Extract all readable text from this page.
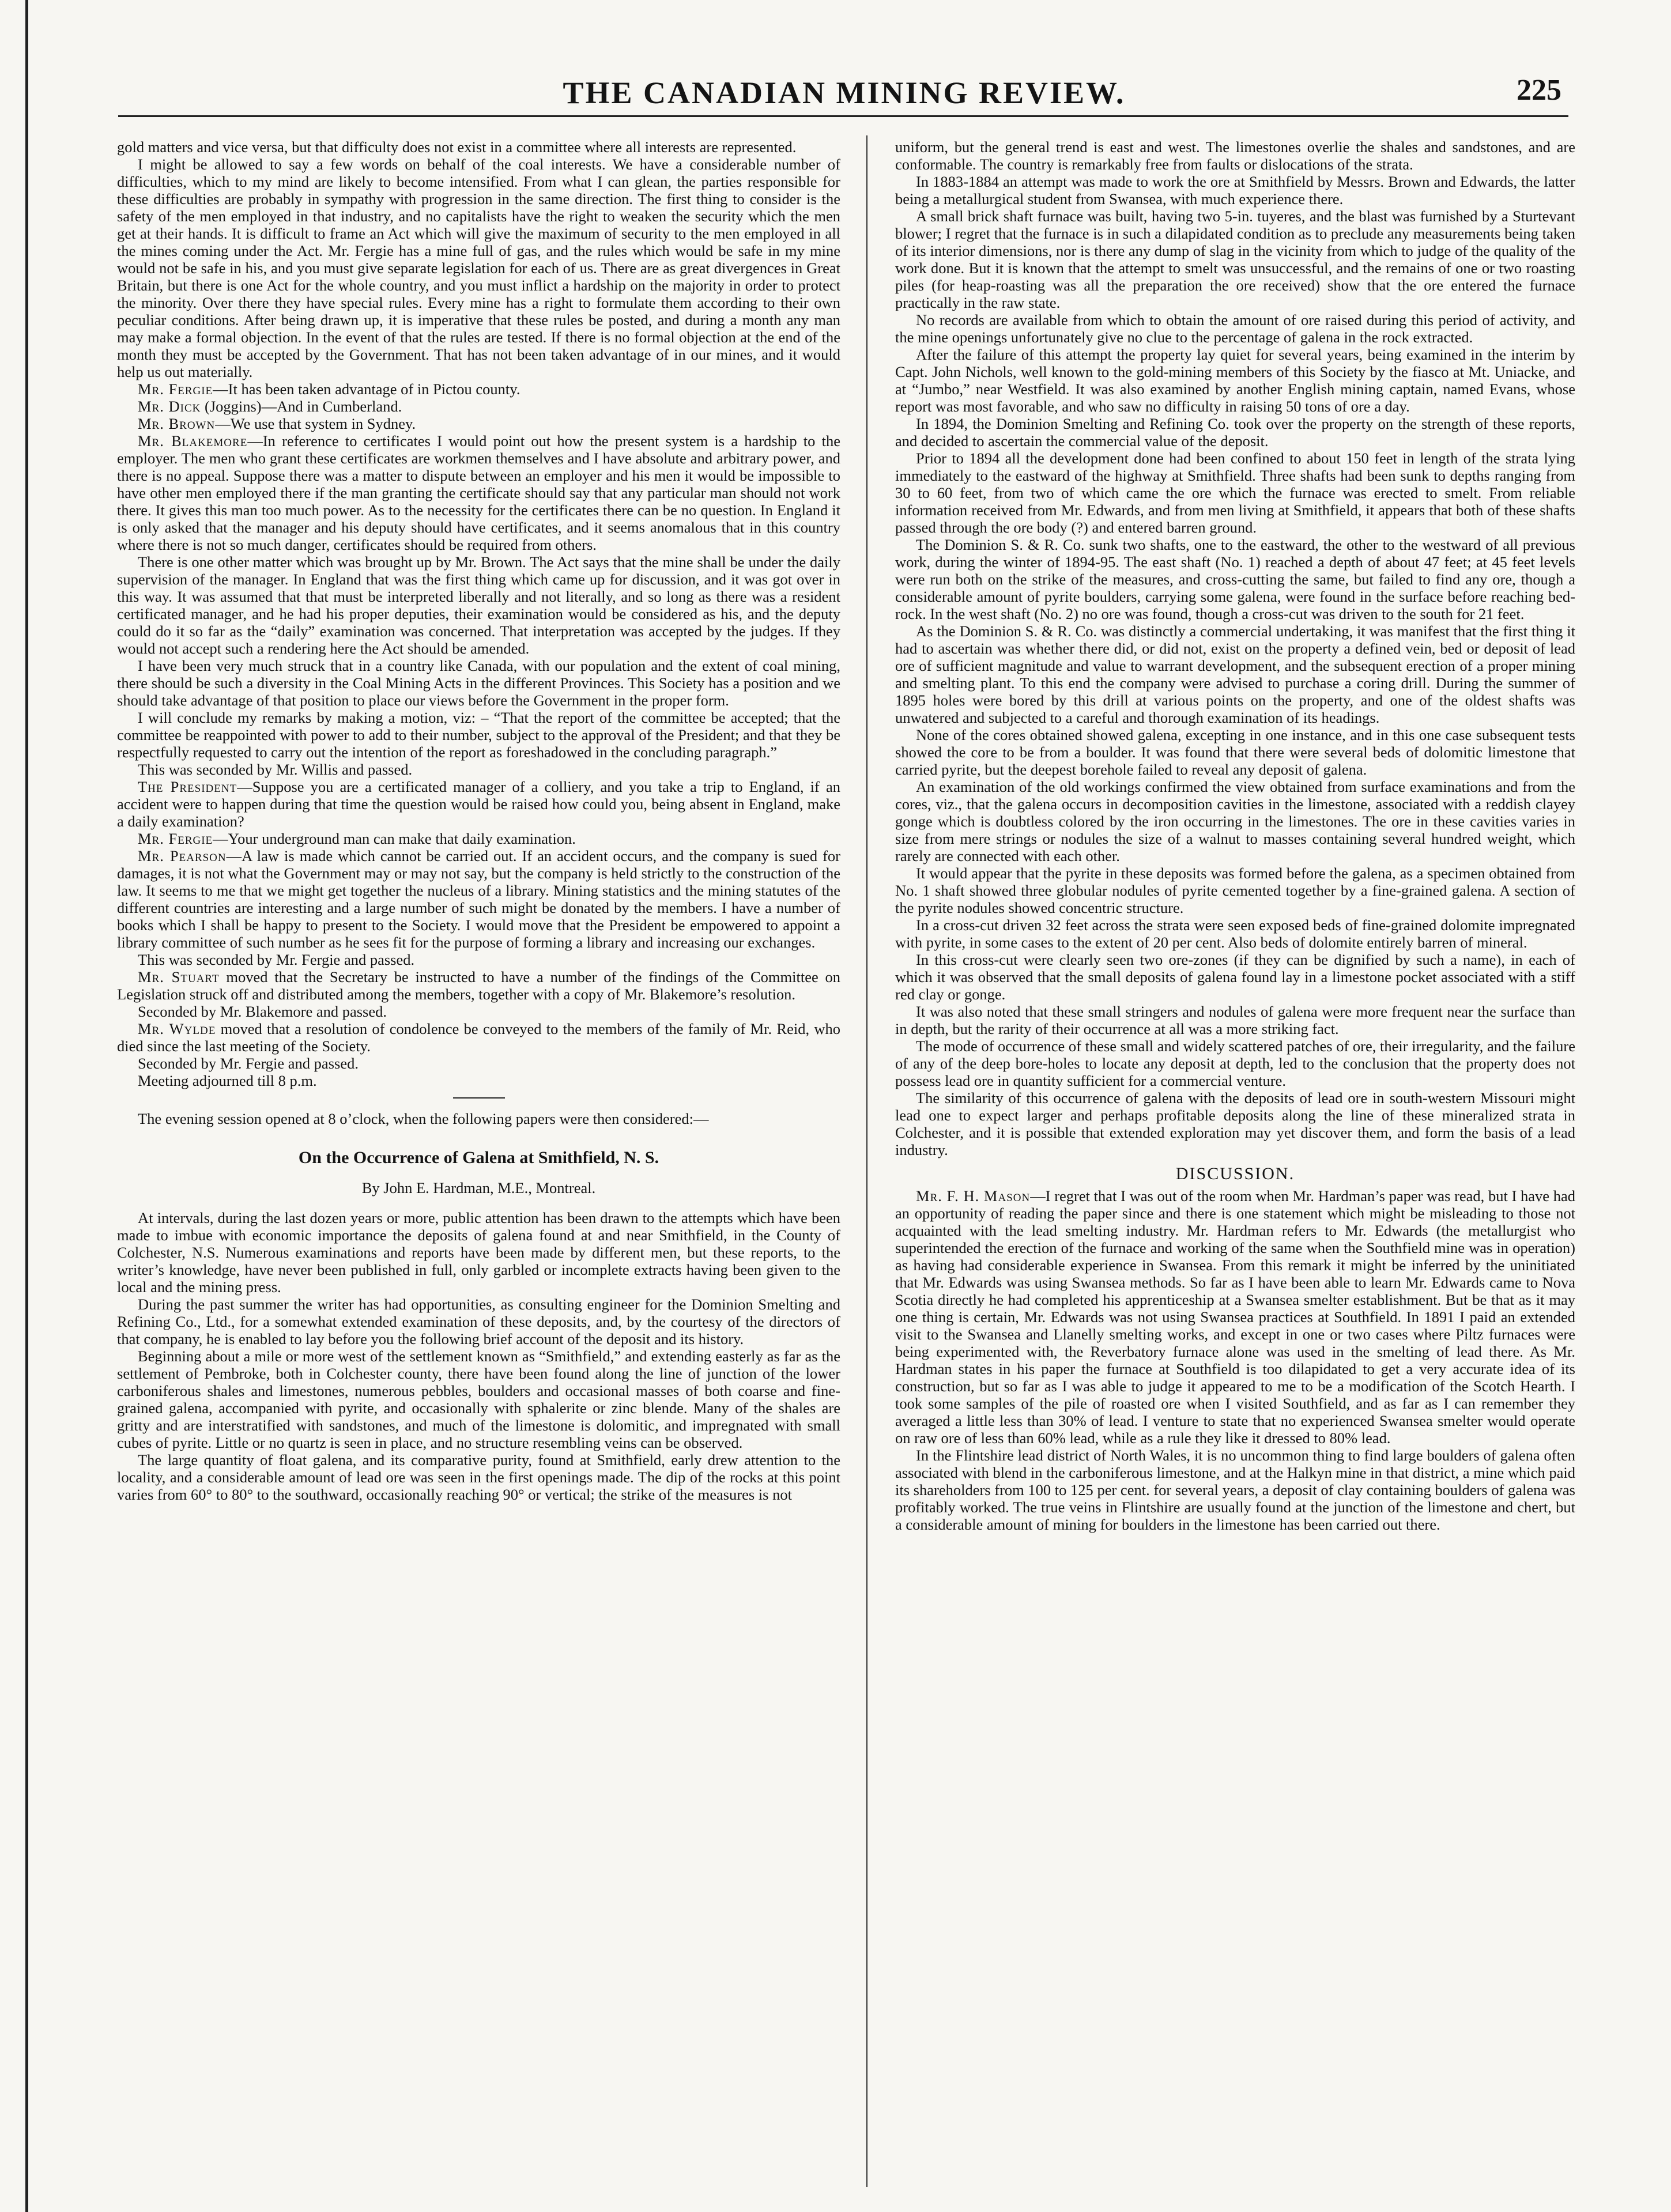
THE CANADIAN MINING REVIEW.	225

gold matters and vice versa, but that difficulty does not exist in a committee where all interests are represented.

I might be allowed to say a few words on behalf of the coal interests. We have a considerable number of difficulties, which to my mind are likely to become intensified. From what I can glean, the parties responsible for these difficulties are probably in sympathy with progression in the same direction. The first thing to consider is the safety of the men employed in that industry, and no capitalists have the right to weaken the security which the men get at their hands. It is difficult to frame an Act which will give the maximum of security to the men employed in all the mines coming under the Act. Mr. Fergie has a mine full of gas, and the rules which would be safe in my mine would not be safe in his, and you must give separate legislation for each of us. There are as great divergences in Great Britain, but there is one Act for the whole country, and you must inflict a hardship on the majority in order to protect the minority. Over there they have special rules. Every mine has a right to formulate them according to their own peculiar conditions. After being drawn up, it is imperative that these rules be posted, and during a month any man may make a formal objection. In the event of that the rules are tested. If there is no formal objection at the end of the month they must be accepted by the Government. That has not been taken advantage of in our mines, and it would help us out materially.

Mr. Fergie—It has been taken advantage of in Pictou county.

Mr. Dick (Joggins)—And in Cumberland.

Mr. Brown—We use that system in Sydney.

Mr. Blakemore—In reference to certificates I would point out how the present system is a hardship to the employer. The men who grant these certificates are workmen themselves and I have absolute and arbitrary power, and there is no appeal. Suppose there was a matter to dispute between an employer and his men it would be impossible to have other men employed there if the man granting the certificate should say that any particular man should not work there. It gives this man too much power. As to the necessity for the certificates there can be no question. In England it is only asked that the manager and his deputy should have certificates, and it seems anomalous that in this country where there is not so much danger, certificates should be required from others.

There is one other matter which was brought up by Mr. Brown. The Act says that the mine shall be under the daily supervision of the manager. In England that was the first thing which came up for discussion, and it was got over in this way. It was assumed that that must be interpreted liberally and not literally, and so long as there was a resident certificated manager, and he had his proper deputies, their examination would be considered as his, and the deputy could do it so far as the “daily” examination was concerned. That interpretation was accepted by the judges. If they would not accept such a rendering here the Act should be amended.

I have been very much struck that in a country like Canada, with our population and the extent of coal mining, there should be such a diversity in the Coal Mining Acts in the different Provinces. This Society has a position and we should take advantage of that position to place our views before the Government in the proper form.

I will conclude my remarks by making a motion, viz: – “That the report of the committee be accepted; that the committee be reappointed with power to add to their number, subject to the approval of the President; and that they be respectfully requested to carry out the intention of the report as foreshadowed in the concluding paragraph.”

This was seconded by Mr. Willis and passed.

The President—Suppose you are a certificated manager of a colliery, and you take a trip to England, if an accident were to happen during that time the question would be raised how could you, being absent in England, make a daily examination?

Mr. Fergie—Your underground man can make that daily examination.

Mr. Pearson—A law is made which cannot be carried out. If an accident occurs, and the company is sued for damages, it is not what the Government may or may not say, but the company is held strictly to the construction of the law. It seems to me that we might get together the nucleus of a library. Mining statistics and the mining statutes of the different countries are interesting and a large number of such might be donated by the members. I have a number of books which I shall be happy to present to the Society. I would move that the President be empowered to appoint a library committee of such number as he sees fit for the purpose of forming a library and increasing our exchanges.

This was seconded by Mr. Fergie and passed.

Mr. Stuart moved that the Secretary be instructed to have a number of the findings of the Committee on Legislation struck off and distributed among the members, together with a copy of Mr. Blakemore’s resolution.

Seconded by Mr. Blakemore and passed.

Mr. Wylde moved that a resolution of condolence be conveyed to the members of the family of Mr. Reid, who died since the last meeting of the Society.

Seconded by Mr. Fergie and passed.

Meeting adjourned till 8 p.m.

The evening session opened at 8 o’clock, when the following papers were then considered:—

On the Occurrence of Galena at Smithfield, N. S.
By John E. Hardman, M.E., Montreal.

At intervals, during the last dozen years or more, public attention has been drawn to the attempts which have been made to imbue with economic importance the deposits of galena found at and near Smithfield, in the County of Colchester, N.S. Numerous examinations and reports have been made by different men, but these reports, to the writer’s knowledge, have never been published in full, only garbled or incomplete extracts having been given to the local and the mining press.

During the past summer the writer has had opportunities, as consulting engineer for the Dominion Smelting and Refining Co., Ltd., for a somewhat extended examination of these deposits, and, by the courtesy of the directors of that company, he is enabled to lay before you the following brief account of the deposit and its history.

Beginning about a mile or more west of the settlement known as “Smithfield,” and extending easterly as far as the settlement of Pembroke, both in Colchester county, there have been found along the line of junction of the lower carboniferous shales and limestones, numerous pebbles, boulders and occasional masses of both coarse and fine-grained galena, accompanied with pyrite, and occasionally with sphalerite or zinc blende. Many of the shales are gritty and are interstratified with sandstones, and much of the limestone is dolomitic, and impregnated with small cubes of pyrite. Little or no quartz is seen in place, and no structure resembling veins can be observed.

The large quantity of float galena, and its comparative purity, found at Smithfield, early drew attention to the locality, and a considerable amount of lead ore was seen in the first openings made. The dip of the rocks at this point varies from 60° to 80° to the southward, occasionally reaching 90° or vertical; the strike of the measures is not

uniform, but the general trend is east and west. The limestones overlie the shales and sandstones, and are conformable. The country is remarkably free from faults or dislocations of the strata.

In 1883-1884 an attempt was made to work the ore at Smithfield by Messrs. Brown and Edwards, the latter being a metallurgical student from Swansea, with much experience there.

A small brick shaft furnace was built, having two 5-in. tuyeres, and the blast was furnished by a Sturtevant blower; I regret that the furnace is in such a dilapidated condition as to preclude any measurements being taken of its interior dimensions, nor is there any dump of slag in the vicinity from which to judge of the quality of the work done. But it is known that the attempt to smelt was unsuccessful, and the remains of one or two roasting piles (for heap-roasting was all the preparation the ore received) show that the ore entered the furnace practically in the raw state.

No records are available from which to obtain the amount of ore raised during this period of activity, and the mine openings unfortunately give no clue to the percentage of galena in the rock extracted.

After the failure of this attempt the property lay quiet for several years, being examined in the interim by Capt. John Nichols, well known to the gold-mining members of this Society by the fiasco at Mt. Uniacke, and at “Jumbo,” near Westfield. It was also examined by another English mining captain, named Evans, whose report was most favorable, and who saw no difficulty in raising 50 tons of ore a day.

In 1894, the Dominion Smelting and Refining Co. took over the property on the strength of these reports, and decided to ascertain the commercial value of the deposit.

Prior to 1894 all the development done had been confined to about 150 feet in length of the strata lying immediately to the eastward of the highway at Smithfield. Three shafts had been sunk to depths ranging from 30 to 60 feet, from two of which came the ore which the furnace was erected to smelt. From reliable information received from Mr. Edwards, and from men living at Smithfield, it appears that both of these shafts passed through the ore body (?) and entered barren ground.

The Dominion S. & R. Co. sunk two shafts, one to the eastward, the other to the westward of all previous work, during the winter of 1894-95. The east shaft (No. 1) reached a depth of about 47 feet; at 45 feet levels were run both on the strike of the measures, and cross-cutting the same, but failed to find any ore, though a considerable amount of pyrite boulders, carrying some galena, were found in the surface before reaching bed-rock. In the west shaft (No. 2) no ore was found, though a cross-cut was driven to the south for 21 feet.

As the Dominion S. & R. Co. was distinctly a commercial undertaking, it was manifest that the first thing it had to ascertain was whether there did, or did not, exist on the property a defined vein, bed or deposit of lead ore of sufficient magnitude and value to warrant development, and the subsequent erection of a proper mining and smelting plant. To this end the company were advised to purchase a coring drill. During the summer of 1895 holes were bored by this drill at various points on the property, and one of the oldest shafts was unwatered and subjected to a careful and thorough examination of its headings.

None of the cores obtained showed galena, excepting in one instance, and in this one case subsequent tests showed the core to be from a boulder. It was found that there were several beds of dolomitic limestone that carried pyrite, but the deepest borehole failed to reveal any deposit of galena.

An examination of the old workings confirmed the view obtained from surface examinations and from the cores, viz., that the galena occurs in decomposition cavities in the limestone, associated with a reddish clayey gonge which is doubtless colored by the iron occurring in the limestones. The ore in these cavities varies in size from mere strings or nodules the size of a walnut to masses containing several hundred weight, which rarely are connected with each other.

It would appear that the pyrite in these deposits was formed before the galena, as a specimen obtained from No. 1 shaft showed three globular nodules of pyrite cemented together by a fine-grained galena. A section of the pyrite nodules showed concentric structure.

In a cross-cut driven 32 feet across the strata were seen exposed beds of fine-grained dolomite impregnated with pyrite, in some cases to the extent of 20 per cent. Also beds of dolomite entirely barren of mineral.

In this cross-cut were clearly seen two ore-zones (if they can be dignified by such a name), in each of which it was observed that the small deposits of galena found lay in a limestone pocket associated with a stiff red clay or gonge.

It was also noted that these small stringers and nodules of galena were more frequent near the surface than in depth, but the rarity of their occurrence at all was a more striking fact.

The mode of occurrence of these small and widely scattered patches of ore, their irregularity, and the failure of any of the deep bore-holes to locate any deposit at depth, led to the conclusion that the property does not possess lead ore in quantity sufficient for a commercial venture.

The similarity of this occurrence of galena with the deposits of lead ore in south-western Missouri might lead one to expect larger and perhaps profitable deposits along the line of these mineralized strata in Colchester, and it is possible that extended exploration may yet discover them, and form the basis of a lead industry.

DISCUSSION.

Mr. F. H. Mason—I regret that I was out of the room when Mr. Hardman’s paper was read, but I have had an opportunity of reading the paper since and there is one statement which might be misleading to those not acquainted with the lead smelting industry. Mr. Hardman refers to Mr. Edwards (the metallurgist who superintended the erection of the furnace and working of the same when the Southfield mine was in operation) as having had considerable experience in Swansea. From this remark it might be inferred by the uninitiated that Mr. Edwards was using Swansea methods. So far as I have been able to learn Mr. Edwards came to Nova Scotia directly he had completed his apprenticeship at a Swansea smelter establishment. But be that as it may one thing is certain, Mr. Edwards was not using Swansea practices at Southfield. In 1891 I paid an extended visit to the Swansea and Llanelly smelting works, and except in one or two cases where Piltz furnaces were being experimented with, the Reverbatory furnace alone was used in the smelting of lead there. As Mr. Hardman states in his paper the furnace at Southfield is too dilapidated to get a very accurate idea of its construction, but so far as I was able to judge it appeared to me to be a modification of the Scotch Hearth. I took some samples of the pile of roasted ore when I visited Southfield, and as far as I can remember they averaged a little less than 30% of lead. I venture to state that no experienced Swansea smelter would operate on raw ore of less than 60% lead, while as a rule they like it dressed to 80% lead.

In the Flintshire lead district of North Wales, it is no uncommon thing to find large boulders of galena often associated with blend in the carboniferous limestone, and at the Halkyn mine in that district, a mine which paid its shareholders from 100 to 125 per cent. for several years, a deposit of clay containing boulders of galena was profitably worked. The true veins in Flintshire are usually found at the junction of the limestone and chert, but a considerable amount of mining for boulders in the limestone has been carried out there.
